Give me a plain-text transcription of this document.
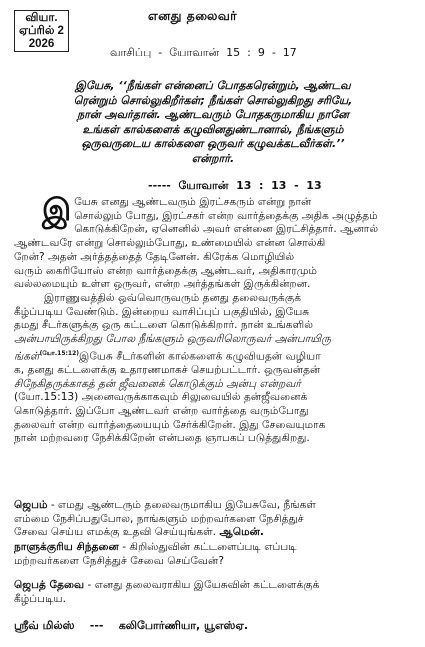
வியா.
ஏப்ரில் 2
2026
எனது தலைவர்
வாசிப்பு  -  யோவான்  15  :  9  -  17
இயேசு, ‘‘நீங்கள் என்னைப் போதகரென்றும், ஆண்டவ
ரென்றும் சொல்லுகிறீர்கள்; நீங்கள் சொல்லுகிறது சரியே,
நான் அவர்தான். ஆண்டவரும் போதகருமாகிய நானே
உங்கள் கால்களைக் கழுவினதுண்டானால், நீங்களும்
ஒருவருடைய கால்களை ஒருவர் கழுவக்கடவீர்கள்.’’
என்றார்.
-----  யோவான்  13  :  13  -  13
இ யேசு எனது ஆண்டவரும் இரட்சகரும் என்று நான்
சொல்லும் போது, இரட்சகர் என்ற வார்த்தைக்கு அதிக அழுத்தம்
கொடுக்கிறேன், ஏனெனில் அவர் என்னை இரட்சித்தார். ஆனால்
ஆண்டவரே என்று சொல்லும்போது, உண்மையில் என்ன சொல்கி
றேன்? அதன் அர்த்தத்தைத் தேடினேன். கிரேக்க மொழியில்
வரும் கைரியோஸ் என்ற வார்த்தைக்கு ஆண்டவர், அதிகாரமும்
வல்லமையும் உள்ள ஒருவர், என்ற அர்த்தங்கள் இருக்கின்றன.
இராணுவத்தில் ஒவ்வொருவரும் தனது தலைவருக்குக்
கீழ்ப்படிய வேண்டும். இன்றைய வாசிப்புப் பகுதியில், இயேசு
தமது சீடர்களுக்கு ஒரு கட்டளை கொடுக்கிறார். நான் உங்களில்
அன்பாயிருக்கிறது போல நீங்களும் ஒருவரிலொருவர் அன்பாயிரு
ங்கள்$^{(யோ.15:12)}$இயேசு சீடர்களின் கால்களைக் கழுவியதன் வழியா
க, தனது கட்டளைக்கு உதாரணமாகச் செயற்பட்டார். ஒருவன்தன்
சிநேகிதருக்காகத் தன் ஜீவனைக் கொடுக்கும் அன்பு என்றவர்
(யோ.15:13) அனைவருக்காகவும் சிலுவையில் தன்ஜீவனைக்
கொடுத்தார். இப்போ ஆண்டவர் என்ற வார்த்தை வரும்போது
தலைவர் என்ற வார்த்தையையும் சேர்க்கிறேன். இது சேவையுமாக
நான் மற்றவரை நேசிக்கிறேன் என்பதை ஞாபகப் படுத்துகிறது.
ஜெபம் - எமது ஆண்டரும் தலைவருமாகிய இயேசுவே, நீங்கள்
எம்மை நேசிப்பதுபோல, நாங்களும் மற்றவர்களை நேசித்துச்
சேவை செய்ய எமக்கு உதவி செய்யுங்கள். ஆமென்.
நாளுக்குரிய சிந்தனை - கிறிஸ்துவின் கட்டளைப்படி எப்படி
மற்றவர்களை நேசித்துச் சேவை செய்வேன்?
ஜெபத் தேவை - எனது தலைவராகிய இயேசுவின் கட்டளைக்குக்
கீழ்ப்படிய.
ஸ்ரீவ் மில்ஸ்    ---    கலிபோர்ணியா, யூஎஸ்ஏ.
